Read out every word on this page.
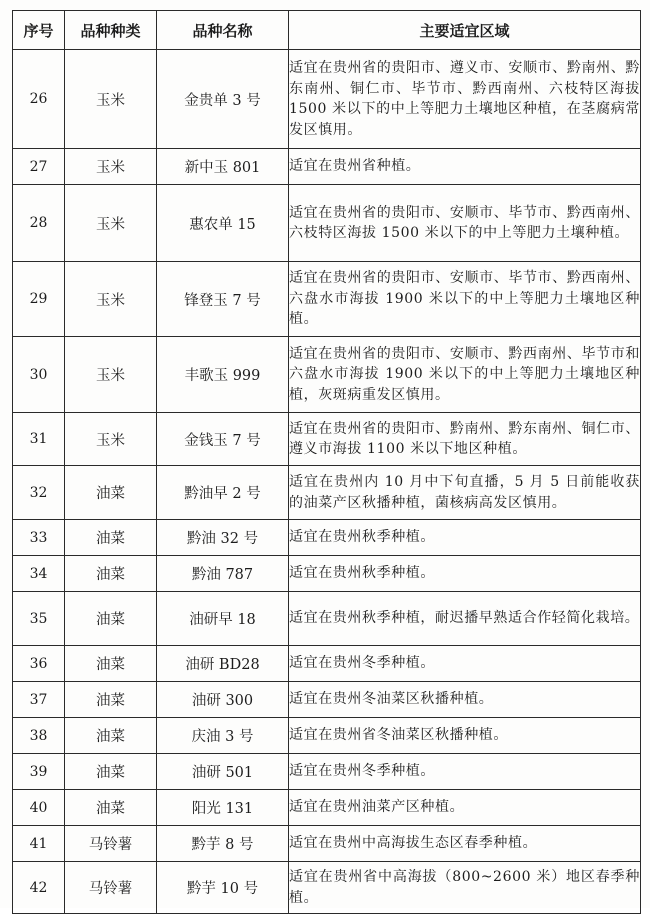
序号	品种种类	品种名称	主要适宜区域
26	玉米	金贵单 3 号	适宜在贵州省的贵阳市、遵义市、安顺市、黔南州、黔东南州、铜仁市、毕节市、黔西南州、六枝特区海拔 1500 米以下的中上等肥力土壤地区种植，在茎腐病常发区慎用。
27	玉米	新中玉 801	适宜在贵州省种植。
28	玉米	惠农单 15	适宜在贵州省的贵阳市、安顺市、毕节市、黔西南州、六枝特区海拔 1500 米以下的中上等肥力土壤种植。
29	玉米	锋登玉 7 号	适宜在贵州省的贵阳市、安顺市、毕节市、黔西南州、六盘水市海拔 1900 米以下的中上等肥力土壤地区种植。
30	玉米	丰歌玉 999	适宜在贵州省的贵阳市、安顺市、黔西南州、毕节市和六盘水市海拔 1900 米以下的中上等肥力土壤地区种植，灰斑病重发区慎用。
31	玉米	金钱玉 7 号	适宜在贵州省的贵阳市、黔南州、黔东南州、铜仁市、遵义市海拔 1100 米以下地区种植。
32	油菜	黔油早 2 号	适宜在贵州内 10 月中下旬直播，5 月 5 日前能收获的油菜产区秋播种植，菌核病高发区慎用。
33	油菜	黔油 32 号	适宜在贵州秋季种植。
34	油菜	黔油 787	适宜在贵州秋季种植。
35	油菜	油研早 18	适宜在贵州秋季种植，耐迟播早熟适合作轻简化栽培。
36	油菜	油研 BD28	适宜在贵州冬季种植。
37	油菜	油研 300	适宜在贵州冬油菜区秋播种植。
38	油菜	庆油 3 号	适宜在贵州省冬油菜区秋播种植。
39	油菜	油研 501	适宜在贵州冬季种植。
40	油菜	阳光 131	适宜在贵州油菜产区种植。
41	马铃薯	黔芋 8 号	适宜在贵州中高海拔生态区春季种植。
42	马铃薯	黔芋 10 号	适宜在贵州省中高海拔（800~2600 米）地区春季种植。
